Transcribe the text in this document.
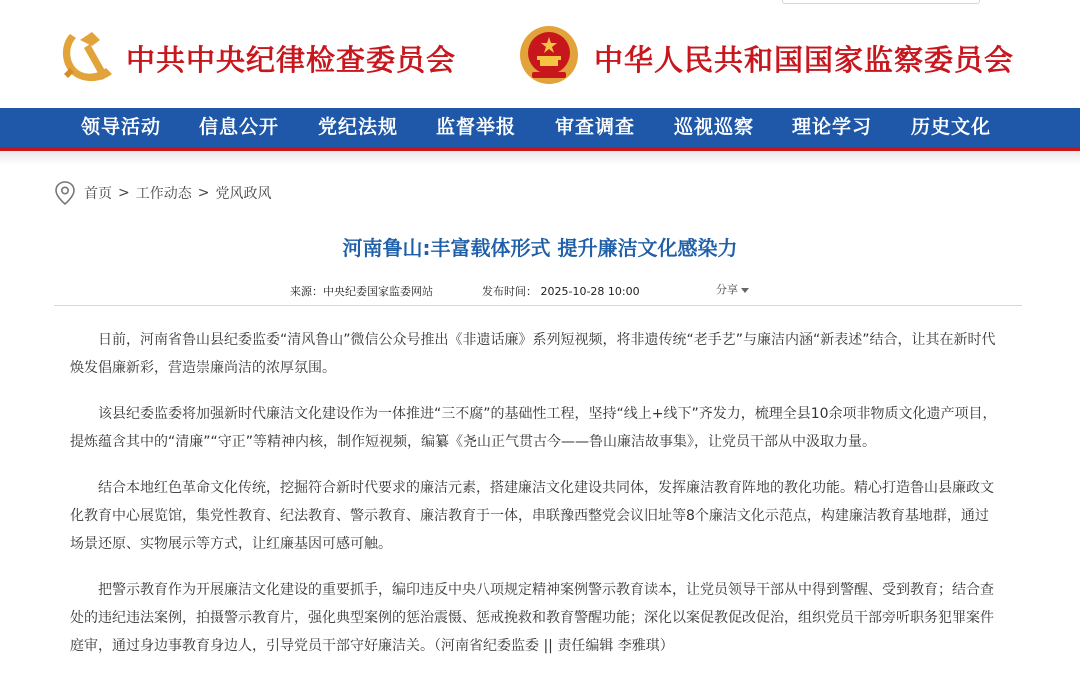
中共中央纪律检查委员会	中华人民共和国国家监察委员会
领导活动 信息公开 党纪法规 监督举报 审查调查 巡视巡察 理论学习 历史文化
首页 > 工作动态 > 党风政风
河南鲁山:丰富载体形式 提升廉洁文化感染力
来源：中央纪委国家监委网站	发布时间： 2025-10-28 10:00	分享

日前，河南省鲁山县纪委监委“清风鲁山”微信公众号推出《非遗话廉》系列短视频，将非遗传统“老手艺”与廉洁内涵“新表述”结合，让其在新时代焕发倡廉新彩，营造崇廉尚洁的浓厚氛围。

该县纪委监委将加强新时代廉洁文化建设作为一体推进“三不腐”的基础性工程，坚持“线上+线下”齐发力，梳理全县10余项非物质文化遗产项目，提炼蕴含其中的“清廉”“守正”等精神内核，制作短视频，编纂《尧山正气贯古今——鲁山廉洁故事集》，让党员干部从中汲取力量。

结合本地红色革命文化传统，挖掘符合新时代要求的廉洁元素，搭建廉洁文化建设共同体，发挥廉洁教育阵地的教化功能。精心打造鲁山县廉政文化教育中心展览馆，集党性教育、纪法教育、警示教育、廉洁教育于一体，串联豫西整党会议旧址等8个廉洁文化示范点，构建廉洁教育基地群，通过场景还原、实物展示等方式，让红廉基因可感可触。

把警示教育作为开展廉洁文化建设的重要抓手，编印违反中央八项规定精神案例警示教育读本，让党员领导干部从中得到警醒、受到教育；结合查处的违纪违法案例，拍摄警示教育片，强化典型案例的惩治震慑、惩戒挽救和教育警醒功能；深化以案促教促改促治，组织党员干部旁听职务犯罪案件庭审，通过身边事教育身边人，引导党员干部守好廉洁关。（河南省纪委监委 || 责任编辑 李雅琪）
